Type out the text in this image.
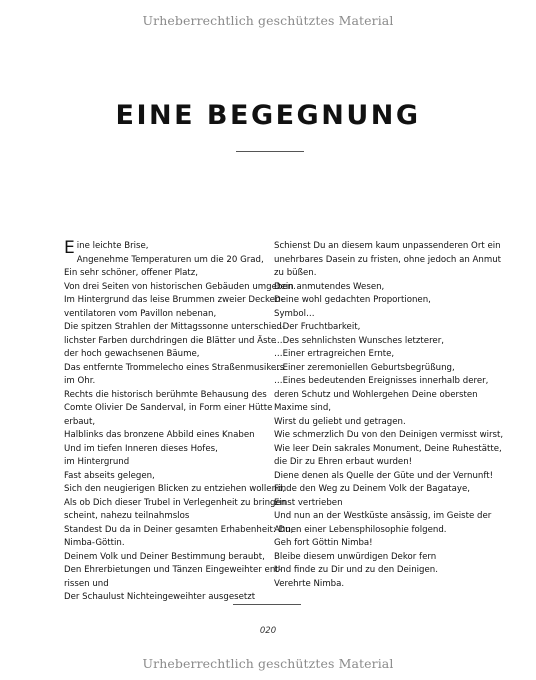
Urheberrechtlich geschütztes Material
EINE BEGEGNUNG
Eine leichte Brise,
Angenehme Temperaturen um die 20 Grad,
Ein sehr schöner, offener Platz,
Von drei Seiten von historischen Gebäuden umgeben.
Im Hintergrund das leise Brummen zweier Decken-
ventilatoren vom Pavillon nebenan,
Die spitzen Strahlen der Mittagssonne unterschied-
lichster Farben durchdringen die Blätter und Äste
der hoch gewachsenen Bäume,
Das entfernte Trommelecho eines Straßenmusikers
im Ohr.
Rechts die historisch berühmte Behausung des
Comte Olivier De Sanderval, in Form einer Hütte
erbaut,
Halblinks das bronzene Abbild eines Knaben
Und im tiefen Inneren dieses Hofes,
im Hintergrund
Fast abseits gelegen,
Sich den neugierigen Blicken zu entziehen wollend,
Als ob Dich dieser Trubel in Verlegenheit zu bringen
scheint, nahezu teilnahmslos
Standest Du da in Deiner gesamten Erhabenheit: Du,
Nimba-Göttin.
Deinem Volk und Deiner Bestimmung beraubt,
Den Ehrerbietungen und Tänzen Eingeweihter ent-
rissen und
Der Schaulust Nichteingeweihter ausgesetzt
Schienst Du an diesem kaum unpassenderen Ort ein
unehrbares Dasein zu fristen, ohne jedoch an Anmut
zu büßen.
Dein anmutendes Wesen,
Deine wohl gedachten Proportionen,
Symbol…
…Der Fruchtbarkeit,
…Des sehnlichsten Wunsches letzterer,
…Einer ertragreichen Ernte,
…Einer zeremoniellen Geburtsbegrüßung,
…Eines bedeutenden Ereignisses innerhalb derer,
deren Schutz und Wohlergehen Deine obersten
Maxime sind,
Wirst du geliebt und getragen.
Wie schmerzlich Du von den Deinigen vermisst wirst,
Wie leer Dein sakrales Monument, Deine Ruhestätte,
die Dir zu Ehren erbaut wurden!
Diene denen als Quelle der Güte und der Vernunft!
Finde den Weg zu Deinem Volk der Bagataye,
Einst vertrieben
Und nun an der Westküste ansässig, im Geiste der
Ahnen einer Lebensphilosophie folgend.
Geh fort Göttin Nimba!
Bleibe diesem unwürdigen Dekor fern
Und finde zu Dir und zu den Deinigen.
Verehrte Nimba.
020
Urheberrechtlich geschütztes Material
